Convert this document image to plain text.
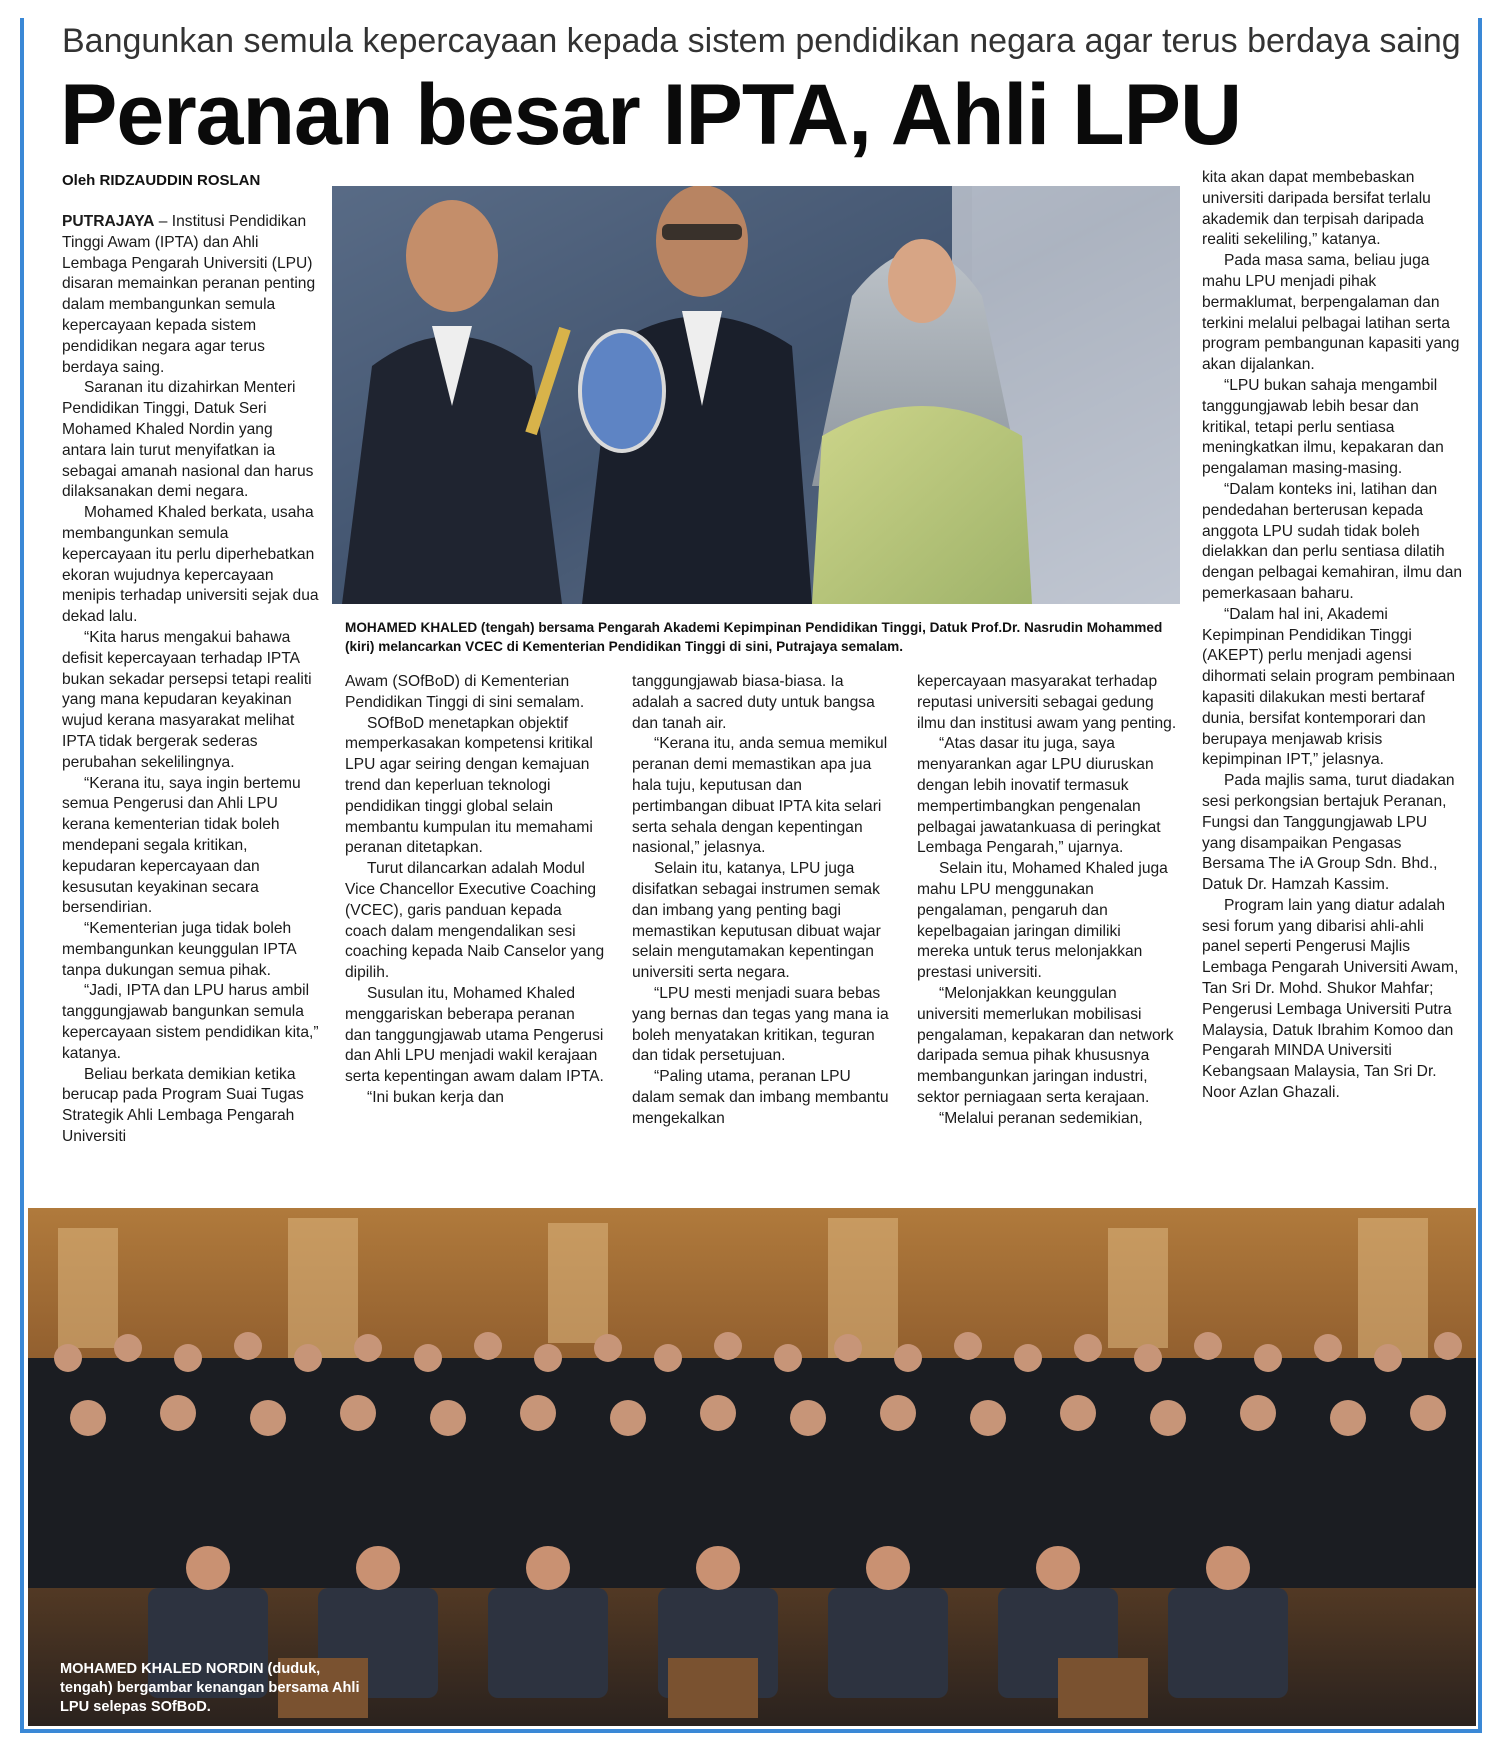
Bangunkan semula kepercayaan kepada sistem pendidikan negara agar terus berdaya saing
Peranan besar IPTA, Ahli LPU
Oleh RIDZAUDDIN ROSLAN

PUTRAJAYA – Institusi Pendidikan Tinggi Awam (IPTA) dan Ahli Lembaga Pengarah Universiti (LPU) disaran memainkan peranan penting dalam membangunkan semula kepercayaan kepada sistem pendidikan negara agar terus berdaya saing.

Saranan itu dizahirkan Menteri Pendidikan Tinggi, Datuk Seri Mohamed Khaled Nordin yang antara lain turut menyifatkan ia sebagai amanah nasional dan harus dilaksanakan demi negara.

Mohamed Khaled berkata, usaha membangunkan semula kepercayaan itu perlu diperhebatkan ekoran wujudnya kepercayaan menipis terhadap universiti sejak dua dekad lalu.

“Kita harus mengakui bahawa defisit kepercayaan terhadap IPTA bukan sekadar persepsi tetapi realiti yang mana kepudaran keyakinan wujud kerana masyarakat melihat IPTA tidak bergerak sederas perubahan sekelilingnya.

“Kerana itu, saya ingin bertemu semua Pengerusi dan Ahli LPU kerana kementerian tidak boleh mendepani segala kritikan, kepudaran kepercayaan dan kesusutan keyakinan secara bersendirian.

“Kementerian juga tidak boleh membangunkan keunggulan IPTA tanpa dukungan semua pihak.

“Jadi, IPTA dan LPU harus ambil tanggungjawab bangunkan semula kepercayaan sistem pendidikan kita,” katanya.

Beliau berkata demikian ketika berucap pada Program Suai Tugas Strategik Ahli Lembaga Pengarah Universiti

MOHAMED KHALED (tengah) bersama Pengarah Akademi Kepimpinan Pendidikan Tinggi, Datuk Prof.Dr. Nasrudin Mohammed (kiri) melancarkan VCEC di Kementerian Pendidikan Tinggi di sini, Putrajaya semalam.

Awam (SOfBoD) di Kementerian Pendidikan Tinggi di sini semalam.

SOfBoD menetapkan objektif memperkasakan kompetensi kritikal LPU agar seiring dengan kemajuan trend dan keperluan teknologi pendidikan tinggi global selain membantu kumpulan itu memahami peranan ditetapkan.

Turut dilancarkan adalah Modul Vice Chancellor Executive Coaching (VCEC), garis panduan kepada coach dalam mengendalikan sesi coaching kepada Naib Canselor yang dipilih.

Susulan itu, Mohamed Khaled menggariskan beberapa peranan dan tanggungjawab utama Pengerusi dan Ahli LPU menjadi wakil kerajaan serta kepentingan awam dalam IPTA.

“Ini bukan kerja dan

tanggungjawab biasa-biasa. Ia adalah a sacred duty untuk bangsa dan tanah air.

“Kerana itu, anda semua memikul peranan demi memastikan apa jua hala tuju, keputusan dan pertimbangan dibuat IPTA kita selari serta sehala dengan kepentingan nasional,” jelasnya.

Selain itu, katanya, LPU juga disifatkan sebagai instrumen semak dan imbang yang penting bagi memastikan keputusan dibuat wajar selain mengutamakan kepentingan universiti serta negara.

“LPU mesti menjadi suara bebas yang bernas dan tegas yang mana ia boleh menyatakan kritikan, teguran dan tidak persetujuan.

“Paling utama, peranan LPU dalam semak dan imbang membantu mengekalkan

kepercayaan masyarakat terhadap reputasi universiti sebagai gedung ilmu dan institusi awam yang penting.

“Atas dasar itu juga, saya menyarankan agar LPU diuruskan dengan lebih inovatif termasuk mempertimbangkan pengenalan pelbagai jawatankuasa di peringkat Lembaga Pengarah,” ujarnya.

Selain itu, Mohamed Khaled juga mahu LPU menggunakan pengalaman, pengaruh dan kepelbagaian jaringan dimiliki mereka untuk terus melonjakkan prestasi universiti.

“Melonjakkan keunggulan universiti memerlukan mobilisasi pengalaman, kepakaran dan network daripada semua pihak khususnya membangunkan jaringan industri, sektor perniagaan serta kerajaan.

“Melalui peranan sedemikian,

kita akan dapat membebaskan universiti daripada bersifat terlalu akademik dan terpisah daripada realiti sekeliling,” katanya.

Pada masa sama, beliau juga mahu LPU menjadi pihak bermaklumat, berpengalaman dan terkini melalui pelbagai latihan serta program pembangunan kapasiti yang akan dijalankan.

“LPU bukan sahaja mengambil tanggungjawab lebih besar dan kritikal, tetapi perlu sentiasa meningkatkan ilmu, kepakaran dan pengalaman masing-masing.

“Dalam konteks ini, latihan dan pendedahan berterusan kepada anggota LPU sudah tidak boleh dielakkan dan perlu sentiasa dilatih dengan pelbagai kemahiran, ilmu dan pemerkasaan baharu.

“Dalam hal ini, Akademi Kepimpinan Pendidikan Tinggi (AKEPT) perlu menjadi agensi dihormati selain program pembinaan kapasiti dilakukan mesti bertaraf dunia, bersifat kontemporari dan berupaya menjawab krisis kepimpinan IPT,” jelasnya.

Pada majlis sama, turut diadakan sesi perkongsian bertajuk Peranan, Fungsi dan Tanggungjawab LPU yang disampaikan Pengasas Bersama The iA Group Sdn. Bhd., Datuk Dr. Hamzah Kassim.

Program lain yang diatur adalah sesi forum yang dibarisi ahli-ahli panel seperti Pengerusi Majlis Lembaga Pengarah Universiti Awam, Tan Sri Dr. Mohd. Shukor Mahfar; Pengerusi Lembaga Universiti Putra Malaysia, Datuk Ibrahim Komoo dan Pengarah MINDA Universiti Kebangsaan Malaysia, Tan Sri Dr. Noor Azlan Ghazali.

MOHAMED KHALED NORDIN (duduk, tengah) bergambar kenangan bersama Ahli LPU selepas SOfBoD.
